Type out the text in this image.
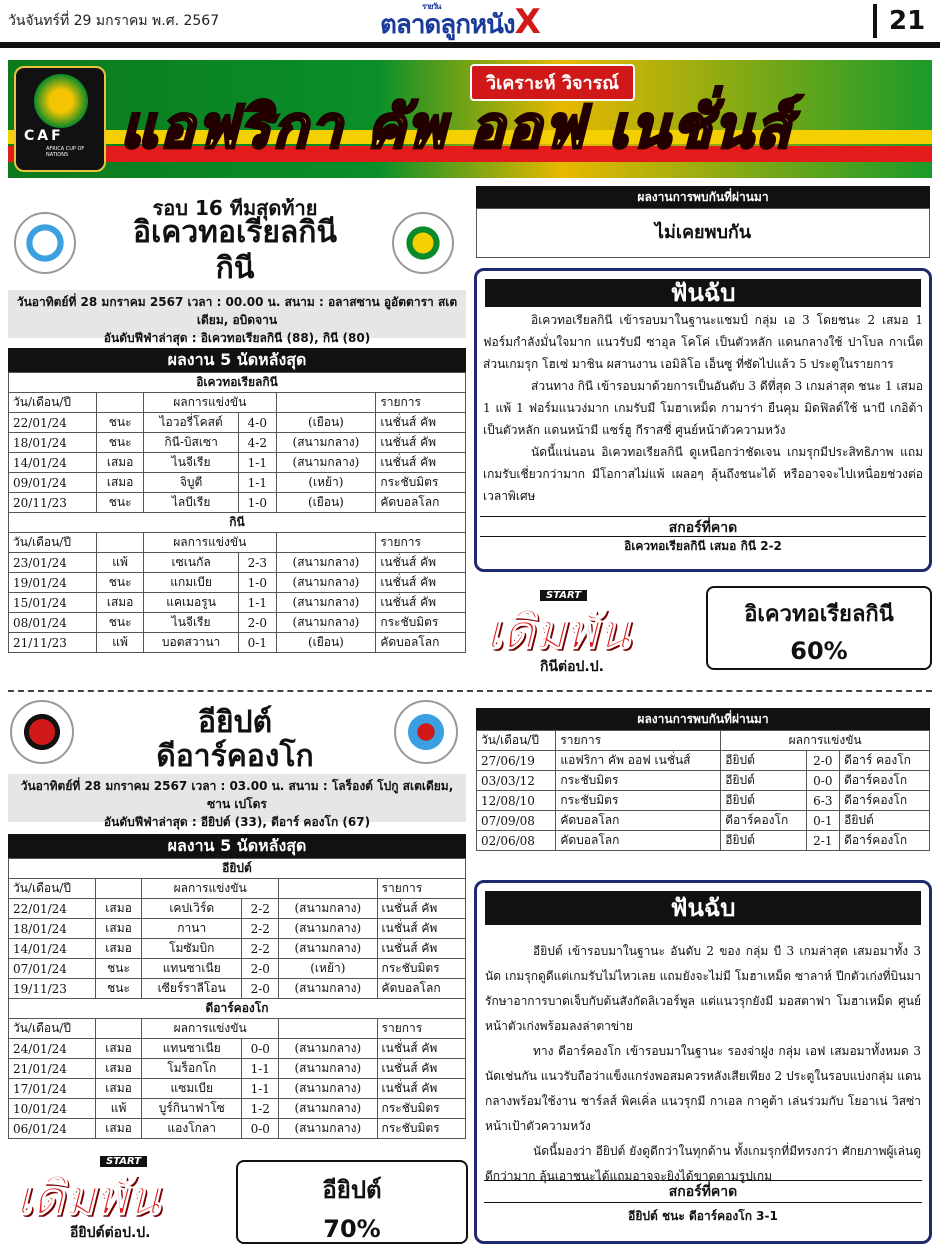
วันจันทร์ที่ 29 มกราคม พ.ศ. 2567
รายวัน
ตลาดลูกหนังX	21
CAF
AFRICA CUP OF NATIONS
วิเคราะห์ วิจารณ์
แอฟริกา คัพ ออฟ เนชั่นส์
รอบ 16 ทีมสุดท้าย
อิเควทอเรียลกินี
กินี
วันอาทิตย์ที่ 28 มกราคม 2567 เวลา : 00.00 น. สนาม : อลาสซาน อูอัตตารา สเตเดียม, อบิดจาน
อันดับฟีฟ่าล่าสุด : อิเควทอเรียลกินี (88), กินี (80)
ผลงาน 5 นัดหลังสุด
อิเควทอเรียลกินี					
วัน/เดือน/ปี		ผลการแข่งขัน			รายการ
22/01/24	ชนะ	ไอวอรี่โคสต์	4-0	(เยือน)	เนชั่นส์ คัพ
18/01/24	ชนะ	กินี-บิสเซา	4-2	(สนามกลาง)	เนชั่นส์ คัพ
14/01/24	เสมอ	ไนจีเรีย	1-1	(สนามกลาง)	เนชั่นส์ คัพ
09/01/24	เสมอ	จิบูตี	1-1	(เหย้า)	กระชับมิตร
20/11/23	ชนะ	ไลบีเรีย	1-0	(เยือน)	คัดบอลโลก
กินี					
วัน/เดือน/ปี		ผลการแข่งขัน			รายการ
23/01/24	แพ้	เซเนกัล	2-3	(สนามกลาง)	เนชั่นส์ คัพ
19/01/24	ชนะ	แกมเบีย	1-0	(สนามกลาง)	เนชั่นส์ คัพ
15/01/24	เสมอ	แคเมอรูน	1-1	(สนามกลาง)	เนชั่นส์ คัพ
08/01/24	ชนะ	ไนจีเรีย	2-0	(สนามกลาง)	กระชับมิตร
21/11/23	แพ้	บอตสวานา	0-1	(เยือน)	คัดบอลโลก
ผลงานการพบกันที่ผ่านมา
ไม่เคยพบกัน
ฟันฉับ

อิเควทอเรียลกินี เข้ารอบมาในฐานะแชมป์ กลุ่ม เอ 3 โดยชนะ 2 เสมอ 1 ฟอร์มกำลังมั่นใจมาก แนวรับมี ซาอุล โคโค่ เป็นตัวหลัก แดนกลางใช้ ปาโบล กาเน็ต ส่วนเกมรุก โฮเซ่ มาชิน ผสานงาน เอมิลิโอ เอ็นซู ที่ซัดไปแล้ว 5 ประตูในรายการ

ส่วนทาง กินี เข้ารอบมาด้วยการเป็นอันดับ 3 ดีที่สุด 3 เกมล่าสุด ชนะ 1 เสมอ 1 แพ้ 1 ฟอร์มแนวง่มาก เกมรับมี โมฮาเหม็ด กามาร่า ยืนคุม มิดฟิลด์ใช้ นาบี เกอิต้า เป็นตัวหลัก แดนหน้ามี แซร์ฮู กีราสซี่ ศูนย์หน้าตัวความหวัง

นัดนี้แน่นอน อิเควทอเรียลกินี ดูเหนือกว่าชัดเจน เกมรุกมีประสิทธิภาพ แถมเกมรับเชี่ยวกว่ามาก มีโอกาสไม่แพ้ เผลอๆ ลุ้นถึงชนะได้ หรืออาจจะไปเหนื่อยช่วงต่อเวลาพิเศษ

สกอร์ที่คาด
อิเควทอเรียลกินี เสมอ กินี 2-2
START
เดิมพัน
กินีต่อป.ป.
อิเควทอเรียลกินี
60%
อียิปต์
ดีอาร์คองโก
วันอาทิตย์ที่ 28 มกราคม 2567 เวลา : 03.00 น. สนาม : โลร็องต์ โปกู สเตเดียม, ซาน เปโดร
อันดับฟีฟ่าล่าสุด : อียิปต์ (33), ดีอาร์ คองโก (67)
ผลงาน 5 นัดหลังสุด
อียิปต์					
วัน/เดือน/ปี		ผลการแข่งขัน			รายการ
22/01/24	เสมอ	เคปเวิร์ด	2-2	(สนามกลาง)	เนชั่นส์ คัพ
18/01/24	เสมอ	กานา	2-2	(สนามกลาง)	เนชั่นส์ คัพ
14/01/24	เสมอ	โมซัมบิก	2-2	(สนามกลาง)	เนชั่นส์ คัพ
07/01/24	ชนะ	แทนซาเนีย	2-0	(เหย้า)	กระชับมิตร
19/11/23	ชนะ	เซียร์ราลีโอน	2-0	(สนามกลาง)	คัดบอลโลก
ดีอาร์คองโก					
วัน/เดือน/ปี		ผลการแข่งขัน			รายการ
24/01/24	เสมอ	แทนซาเนีย	0-0	(สนามกลาง)	เนชั่นส์ คัพ
21/01/24	เสมอ	โมร็อกโก	1-1	(สนามกลาง)	เนชั่นส์ คัพ
17/01/24	เสมอ	แซมเบีย	1-1	(สนามกลาง)	เนชั่นส์ คัพ
10/01/24	แพ้	บูร์กินาฟาโซ	1-2	(สนามกลาง)	กระชับมิตร
06/01/24	เสมอ	แองโกลา	0-0	(สนามกลาง)	กระชับมิตร
START
เดิมพัน
อียิปต์ต่อป.ป.
อียิปต์
70%
ผลงานการพบกันที่ผ่านมา
วัน/เดือน/ปี	รายการ	ผลการแข่งขัน		
27/06/19	แอฟริกา คัพ ออฟ เนชั่นส์	อียิปต์	2-0	ดีอาร์ คองโก
03/03/12	กระชับมิตร	อียิปต์	0-0	ดีอาร์คองโก
12/08/10	กระชับมิตร	อียิปต์	6-3	ดีอาร์คองโก
07/09/08	คัดบอลโลก	ดีอาร์คองโก	0-1	อียิปต์
02/06/08	คัดบอลโลก	อียิปต์	2-1	ดีอาร์คองโก
ฟันฉับ

อียิปต์ เข้ารอบมาในฐานะ อันดับ 2 ของ กลุ่ม บี 3 เกมล่าสุด เสมอมาทั้ง 3 นัด เกมรุกดูดีแต่เกมรับไม่ไหวเลย แถมยังจะไม่มี โมฮาเหม็ด ซาลาห์ ปีกตัวเก่งที่บินมารักษาอาการบาดเจ็บกับต้นสังกัดลิเวอร์พูล แต่แนวรุกยังมี มอสตาฟา โมฮาเหม็ด ศูนย์หน้าตัวเก่งพร้อมลงล่าตาข่าย

ทาง ดีอาร์คองโก เข้ารอบมาในฐานะ รองจ่าฝูง กลุ่ม เอฟ เสมอมาทั้งหมด 3 นัดเช่นกัน แนวรับถือว่าแข็งแกร่งพอสมควรหลังเสียเพียง 2 ประตูในรอบแบ่งกลุ่ม แดนกลางพร้อมใช้งาน ชาร์ลส์ พิคเคิ่ล แนวรุกมี กาเอล กาคูต้า เล่นร่วมกับ โยอาเน่ วิสซ่า หน้าเป้าตัวความหวัง

นัดนี้มองว่า อียิปต์ ยังดูดีกว่าในทุกด้าน ทั้งเกมรุกที่มีทรงกว่า ศักยภาพผู้เล่นดูดีกว่ามาก ลุ้นเอาชนะได้แถมอาจจะยิงได้ขาดตามรูปเกม

สกอร์ที่คาด
อียิปต์ ชนะ ดีอาร์คองโก 3-1
